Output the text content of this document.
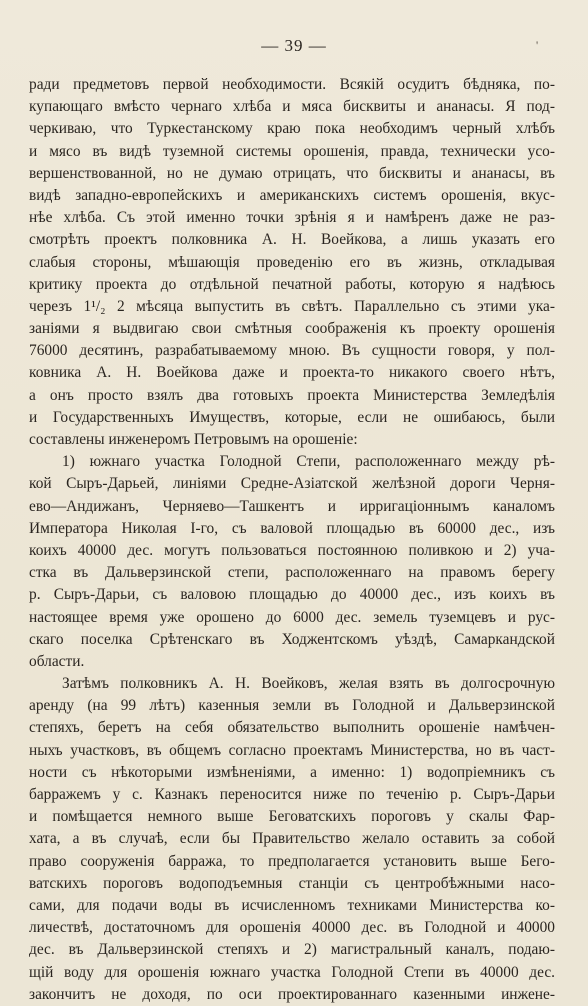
— 39 —	'
ради предметовъ первой необходимости. Всякій осудитъ бѣдняка, по-
купающаго вмѣсто чернаго хлѣба и мяса бисквиты и ананасы. Я под-
черкиваю, что Туркестанскому краю пока необходимъ черный хлѣбъ
и мясо въ видѣ туземной системы орошенія, правда, технически усо-
вершенствованной, но не думаю отрицать, что бисквиты и ананасы, въ
видѣ западно-европейскихъ и американскихъ системъ орошенія, вкус-
нѣе хлѣба. Съ этой именно точки зрѣнія я и намѣренъ даже не раз-
смотрѣть проектъ полковника А. Н. Воейкова, а лишь указать его
слабыя стороны, мѣшающія проведенію его въ жизнь, откладывая
критику проекта до отдѣльной печатной работы, которую я надѣюсь
черезъ 1¹/₂ 2 мѣсяца выпустить въ свѣтъ. Параллельно съ этими ука-
заніями я выдвигаю свои смѣтныя соображенія къ проекту орошенія
76000 десятинъ, разрабатываемому мною. Въ сущности говоря, у пол-
ковника А. Н. Воейкова даже и проекта-то никакого своего нѣтъ,
а онъ просто взялъ два готовыхъ проекта Министерства Земледѣлія
и Государственныхъ Имуществъ, которые, если не ошибаюсь, были
составлены инженеромъ Петровымъ на орошеніе:
1) южнаго участка Голодной Степи, расположеннаго между рѣ-
кой Сыръ-Дарьей, линіями Средне-Азіатской желѣзной дороги Черня-
ево—Андижанъ, Черняево—Ташкентъ и ирригаціоннымъ каналомъ
Императора Николая І-го, съ валовой площадью въ 60000 дес., изъ
коихъ 40000 дес. могутъ пользоваться постоянною поливкою и 2) уча-
стка въ Дальверзинской степи, расположеннаго на правомъ берегу
р. Сыръ-Дарьи, съ валовою площадью до 40000 дес., изъ коихъ въ
настоящее время уже орошено до 6000 дес. земель туземцевъ и рус-
скаго поселка Срѣтенскаго въ Ходжентскомъ уѣздѣ, Самаркандской
области.
Затѣмъ полковникъ А. Н. Воейковъ, желая взять въ долгосрочную
аренду (на 99 лѣтъ) казенныя земли въ Голодной и Дальверзинской
степяхъ, беретъ на себя обязательство выполнить орошеніе намѣчен-
ныхъ участковъ, въ общемъ согласно проектамъ Министерства, но въ част-
ности съ нѣкоторыми измѣненіями, а именно: 1) водопріемникъ съ
барражемъ у с. Казнакъ переносится ниже по теченію р. Сыръ-Дарьи
и помѣщается немного выше Беговатскихъ пороговъ у скалы Фар-
хата, а въ случаѣ, если бы Правительство желало оставить за собой
право сооруженія барража, то предполагается установить выше Бего-
ватскихъ пороговъ водоподъемныя станціи съ центробѣжными насо-
сами, для подачи воды въ исчисленномъ техниками Министерства ко-
личествѣ, достаточномъ для орошенія 40000 дес. въ Голодной и 40000
дес. въ Дальверзинской степяхъ и 2) магистральный каналъ, подаю-
щій воду для орошенія южнаго участка Голодной Степи въ 40000 дес.
закончитъ не доходя, по оси проектированнаго казенными инжене-
